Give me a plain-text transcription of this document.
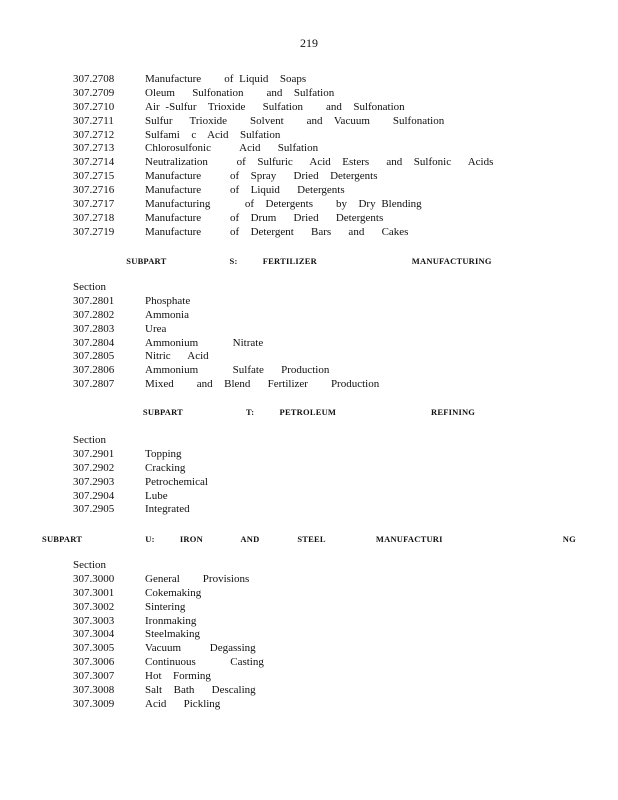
219
307.2708	Manufacture    of Liquid  Soaps
307.2709	Oleum   Sulfonation    and  Sulfation
307.2710	Air -Sulfur  Trioxide   Sulfation    and  Sulfonation
307.2711	Sulfur   Trioxide    Solvent    and  Vacuum    Sulfonation
307.2712	Sulfami  c  Acid  Sulfation
307.2713	Chlorosulfonic     Acid   Sulfation
307.2714	Neutralization     of  Sulfuric   Acid  Esters   and  Sulfonic   Acids
307.2715	Manufacture     of  Spray   Dried  Detergents
307.2716	Manufacture     of  Liquid   Detergents
307.2717	Manufacturing      of  Detergents    by  Dry Blending
307.2718	Manufacture     of  Drum   Dried   Detergents
307.2719	Manufacture     of  Detergent   Bars   and   Cakes
SUBPART          S:    FERTILIZER               MANUFACTURING
Section
307.2801	Phosphate
307.2802	Ammonia
307.2803	Urea
307.2804	Ammonium      Nitrate
307.2805	Nitric   Acid
307.2806	Ammonium      Sulfate   Production
307.2807	Mixed    and  Blend   Fertilizer    Production
SUBPART          T:    PETROLEUM               REFINING
Section
307.2901	Topping
307.2902	Cracking
307.2903	Petrochemical
307.2904	Lube
307.2905	Integrated
SUBPART          U:    IRON      AND      STEEL        MANUFACTURI                   NG
Section
307.3000	General    Provisions
307.3001	Cokemaking
307.3002	Sintering
307.3003	Ironmaking
307.3004	Steelmaking
307.3005	Vacuum     Degassing
307.3006	Continuous      Casting
307.3007	Hot  Forming
307.3008	Salt  Bath   Descaling
307.3009	Acid   Pickling
